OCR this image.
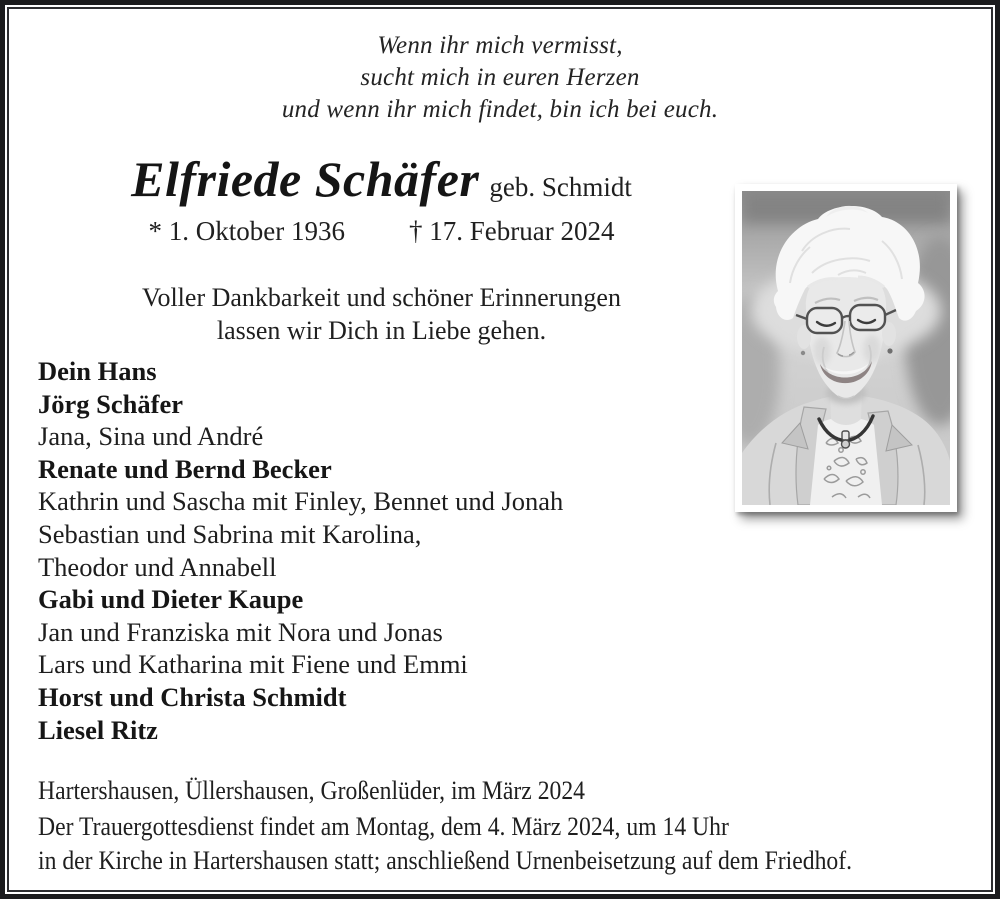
Wenn ihr mich vermisst,
sucht mich in euren Herzen
und wenn ihr mich findet, bin ich bei euch.
Elfriede Schäfer geb. Schmidt
* 1. Oktober 1936 † 17. Februar 2024
Voller Dankbarkeit und schöner Erinnerungen
lassen wir Dich in Liebe gehen.
Dein Hans
Jörg Schäfer
Jana, Sina und André
Renate und Bernd Becker
Kathrin und Sascha mit Finley, Bennet und Jonah
Sebastian und Sabrina mit Karolina,
Theodor und Annabell
Gabi und Dieter Kaupe
Jan und Franziska mit Nora und Jonas
Lars und Katharina mit Fiene und Emmi
Horst und Christa Schmidt
Liesel Ritz
Hartershausen, Üllershausen, Großenlüder, im März 2024
Der Trauergottesdienst findet am Montag, dem 4. März 2024, um 14 Uhr
in der Kirche in Hartershausen statt; anschließend Urnenbeisetzung auf dem Friedhof.
